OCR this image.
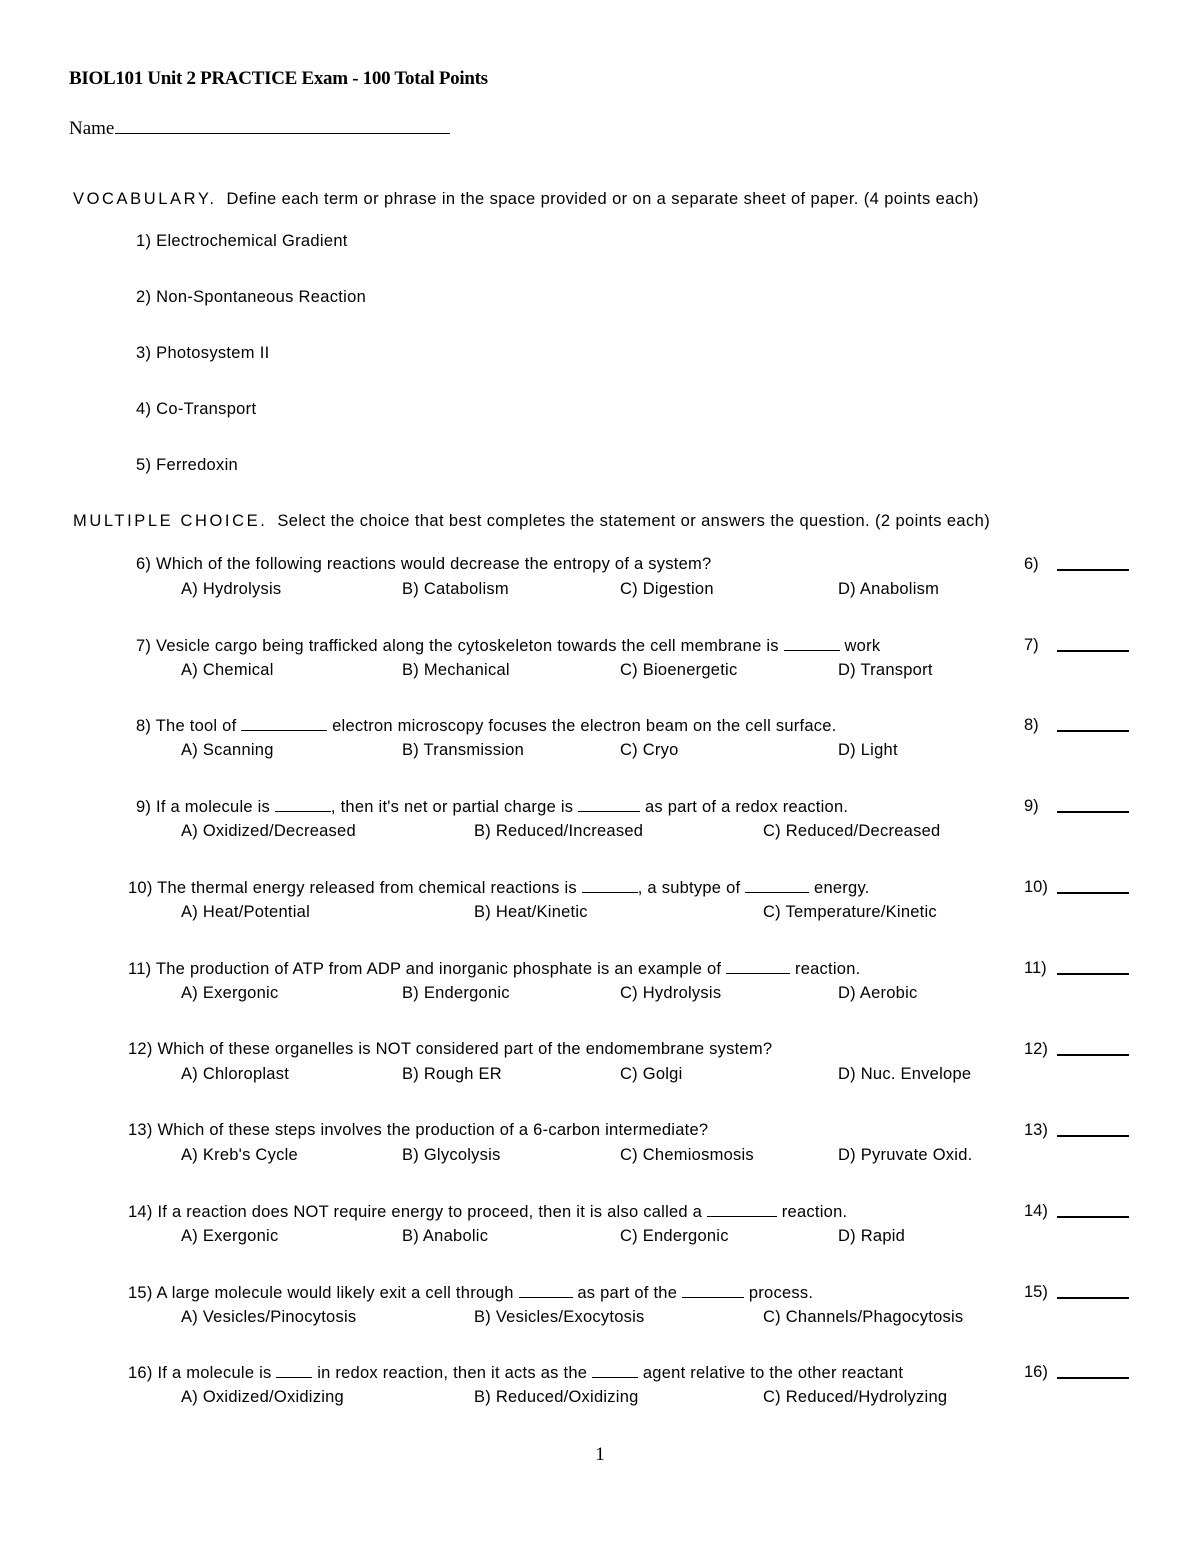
BIOL101 Unit 2 PRACTICE Exam - 100 Total Points
Name
VOCABULARY. Define each term or phrase in the space provided or on a separate sheet of paper. (4 points each)
1) Electrochemical Gradient
2) Non-Spontaneous Reaction
3) Photosystem II
4) Co-Transport
5) Ferredoxin
MULTIPLE CHOICE. Select the choice that best completes the statement or answers the question. (2 points each)
6) Which of the following reactions would decrease the entropy of a system?
A) Hydrolysis	B) Catabolism	C) Digestion	D) Anabolism
6)
7) Vesicle cargo being trafficked along the cytoskeleton towards the cell membrane is	work
A) Chemical	B) Mechanical	C) Bioenergetic	D) Transport
7)
8) The tool of	electron microscopy focuses the electron beam on the cell surface.
A) Scanning	B) Transmission	C) Cryo	D) Light
8)
9) If a molecule is	, then it's net or partial charge is	as part of a redox reaction.
A) Oxidized/Decreased	B) Reduced/Increased	C) Reduced/Decreased
9)
10) The thermal energy released from chemical reactions is	, a subtype of	energy.
A) Heat/Potential	B) Heat/Kinetic	C) Temperature/Kinetic
10)
11) The production of ATP from ADP and inorganic phosphate is an example of	reaction.
A) Exergonic	B) Endergonic	C) Hydrolysis	D) Aerobic
11)
12) Which of these organelles is NOT considered part of the endomembrane system?
A) Chloroplast	B) Rough ER	C) Golgi	D) Nuc. Envelope
12)
13) Which of these steps involves the production of a 6-carbon intermediate?
A) Kreb's Cycle	B) Glycolysis	C) Chemiosmosis	D) Pyruvate Oxid.
13)
14) If a reaction does NOT require energy to proceed, then it is also called a	reaction.
A) Exergonic	B) Anabolic	C) Endergonic	D) Rapid
14)
15) A large molecule would likely exit a cell through	as part of the	process.
A) Vesicles/Pinocytosis	B) Vesicles/Exocytosis	C) Channels/Phagocytosis
15)
16) If a molecule is	in redox reaction, then it acts as the	agent relative to the other reactant
A) Oxidized/Oxidizing	B) Reduced/Oxidizing	C) Reduced/Hydrolyzing
16)
1
